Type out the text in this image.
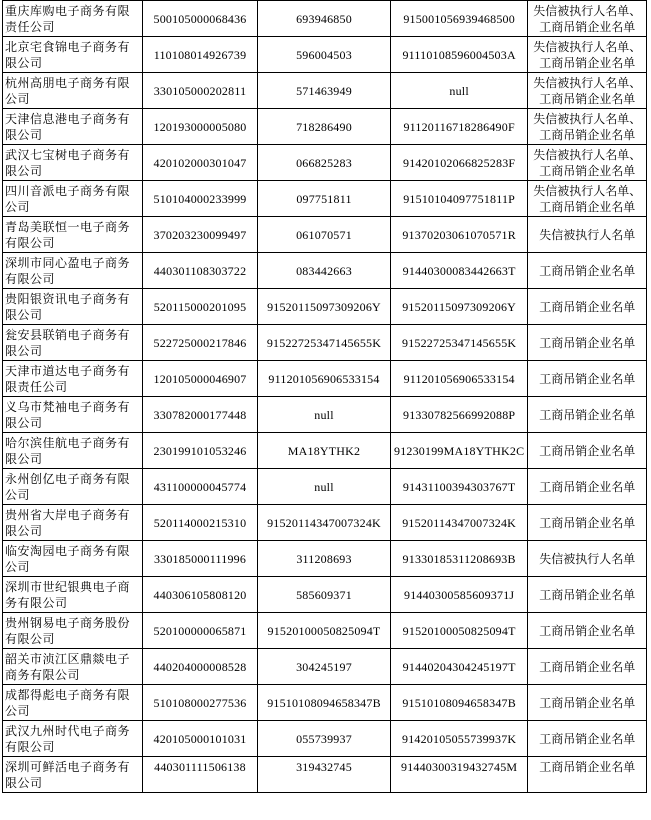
重庆库购电子商务有限责任公司	500105000068436	693946850	915001056939468500	失信被执行人名单、工商吊销企业名单
北京宅食锦电子商务有限公司	110108014926739	596004503	91110108596004503A	失信被执行人名单、工商吊销企业名单
杭州高朋电子商务有限公司	330105000202811	571463949	null	失信被执行人名单、工商吊销企业名单
天津信息港电子商务有限公司	120193000005080	718286490	91120116718286490F	失信被执行人名单、工商吊销企业名单
武汉七宝树电子商务有限公司	420102000301047	066825283	91420102066825283F	失信被执行人名单、工商吊销企业名单
四川音派电子商务有限公司	510104000233999	097751811	91510104097751811P	失信被执行人名单、工商吊销企业名单
青岛美联恒一电子商务有限公司	370203230099497	061070571	91370203061070571R	失信被执行人名单
深圳市同心盈电子商务有限公司	440301108303722	083442663	91440300083442663T	工商吊销企业名单
贵阳银资讯电子商务有限公司	520115000201095	91520115097309206Y	91520115097309206Y	工商吊销企业名单
瓮安县联销电子商务有限公司	522725000217846	91522725347145655K	91522725347145655K	工商吊销企业名单
天津市道达电子商务有限责任公司	120105000046907	911201056906533154	911201056906533154	工商吊销企业名单
义乌市梵袖电子商务有限公司	330782000177448	null	91330782566992088P	工商吊销企业名单
哈尔滨佳航电子商务有限公司	230199101053246	MA18YTHK2	91230199MA18YTHK2C	工商吊销企业名单
永州创亿电子商务有限公司	431100000045774	null	91431100394303767T	工商吊销企业名单
贵州省大岸电子商务有限公司	520114000215310	91520114347007324K	91520114347007324K	工商吊销企业名单
临安淘园电子商务有限公司	330185000111996	311208693	91330185311208693B	失信被执行人名单
深圳市世纪银典电子商务有限公司	440306105808120	585609371	91440300585609371J	工商吊销企业名单
贵州钢易电子商务股份有限公司	520100000065871	91520100050825094T	91520100050825094T	工商吊销企业名单
韶关市浈江区鼎燚电子商务有限公司	440204000008528	304245197	91440204304245197T	工商吊销企业名单
成都得彪电子商务有限公司	510108000277536	91510108094658347B	91510108094658347B	工商吊销企业名单
武汉九州时代电子商务有限公司	420105000101031	055739937	91420105055739937K	工商吊销企业名单
深圳可鲜活电子商务有限公司	440301111506138	319432745	91440300319432745M	工商吊销企业名单
